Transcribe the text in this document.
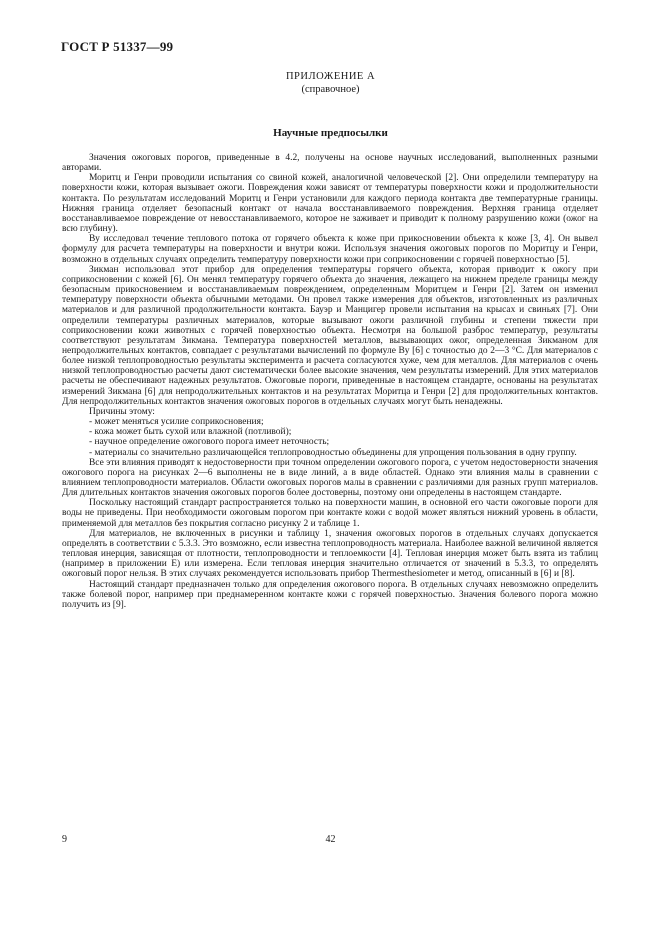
ГОСТ Р 51337—99
ПРИЛОЖЕНИЕ А
(справочное)
Научные предпосылки

Значения ожоговых порогов, приведенные в 4.2, получены на основе научных исследований, выполненных разными авторами.

Моритц и Генри проводили испытания со свиной кожей, аналогичной человеческой [2]. Они определили температуру на поверхности кожи, которая вызывает ожоги. Повреждения кожи зависят от температуры поверхности кожи и продолжительности контакта. По результатам исследований Моритц и Генри установили для каждого периода контакта две температурные границы. Нижняя граница отделяет безопасный контакт от начала восстанавливаемого повреждения. Верхняя граница отделяет восстанавливаемое повреждение от невосстанавливаемого, которое не заживает и приводит к полному разрушению кожи (ожог на всю глубину).

Ву исследовал течение теплового потока от горячего объекта к коже при прикосновении объекта к коже [3, 4]. Он вывел формулу для расчета температуры на поверхности и внутри кожи. Используя значения ожоговых порогов по Моритцу и Генри, возможно в отдельных случаях определить температуру поверхности кожи при соприкосновении с горячей поверхностью [5].

Зикман использовал этот прибор для определения температуры горячего объекта, которая приводит к ожогу при соприкосновении с кожей [6]. Он менял температуру горячего объекта до значения, лежащего на нижнем пределе границы между безопасным прикосновением и восстанавливаемым повреждением, определенным Моритцем и Генри [2]. Затем он изменил температуру поверхности объекта обычными методами. Он провел также измерения для объектов, изготовленных из различных материалов и для различной продолжительности контакта. Бауэр и Манцигер провели испытания на крысах и свиньях [7]. Они определили температуры различных материалов, которые вызывают ожоги различной глубины и степени тяжести при соприкосновении кожи животных с горячей поверхностью объекта. Несмотря на большой разброс температур, результаты соответствуют результатам Зикмана. Температура поверхностей металлов, вызывающих ожог, определенная Зикманом для непродолжительных контактов, совпадает с результатами вычислений по формуле Ву [6] с точностью до 2—3 °С. Для материалов с более низкой теплопроводностью результаты эксперимента и расчета согласуются хуже, чем для металлов. Для материалов с очень низкой теплопроводностью расчеты дают систематически более высокие значения, чем результаты измерений. Для этих материалов расчеты не обеспечивают надежных результатов. Ожоговые пороги, приведенные в настоящем стандарте, основаны на результатах измерений Зикмана [6] для непродолжительных контактов и на результатах Моритца и Генри [2] для продолжительных контактов. Для непродолжительных контактов значения ожоговых порогов в отдельных случаях могут быть ненадежны.

Причины этому:

- может меняться усилие соприкосновения;

- кожа может быть сухой или влажной (потливой);

- научное определение ожогового порога имеет неточность;

- материалы со значительно различающейся теплопроводностью объединены для упрощения пользования в одну группу.

Все эти влияния приводят к недостоверности при точном определении ожогового порога, с учетом недостоверности значения ожогового порога на рисунках 2—6 выполнены не в виде линий, а в виде областей. Однако эти влияния малы в сравнении с влиянием теплопроводности материалов. Области ожоговых порогов малы в сравнении с различиями для разных групп материалов. Для длительных контактов значения ожоговых порогов более достоверны, поэтому они определены в настоящем стандарте.

Поскольку настоящий стандарт распространяется только на поверхности машин, в основной его части ожоговые пороги для воды не приведены. При необходимости ожоговым порогом при контакте кожи с водой может являться нижний уровень в области, применяемой для металлов без покрытия согласно рисунку 2 и таблице 1.

Для материалов, не включенных в рисунки и таблицу 1, значения ожоговых порогов в отдельных случаях допускается определять в соответствии с 5.3.3. Это возможно, если известна теплопроводность материала. Наиболее важной величиной является тепловая инерция, зависящая от плотности, теплопроводности и теплоемкости [4]. Тепловая инерция может быть взята из таблиц (например в приложении Е) или измерена. Если тепловая инерция значительно отличается от значений в 5.3.3, то определять ожоговый порог нельзя. В этих случаях рекомендуется использовать прибор Thermesthesiometer и метод, описанный в [6] и [8].

Настоящий стандарт предназначен только для определения ожогового порога. В отдельных случаях невозможно определить также болевой порог, например при преднамеренном контакте кожи с горячей поверхностью. Значения болевого порога можно получить из [9].

9	42
